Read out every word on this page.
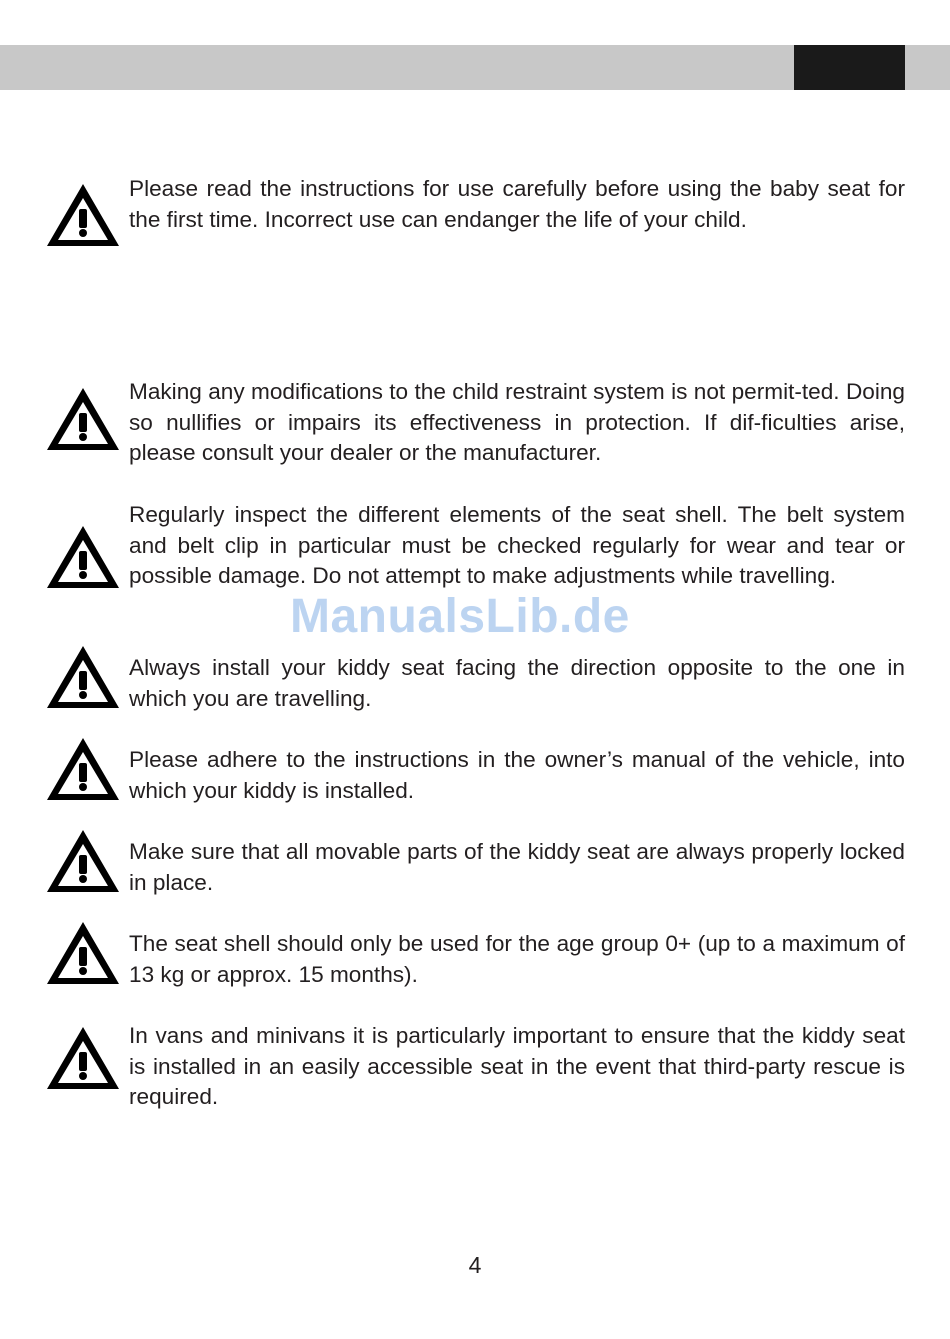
Please read the instructions for use carefully before using the baby seat for the first time. Incorrect use can endanger the life of your child.

Making any modifications to the child restraint system is not permit-ted. Doing so nullifies or impairs its effectiveness in protection. If dif-ficulties arise, please consult your dealer or the manufacturer.

Regularly inspect the different elements of the seat shell. The belt system and belt clip in particular must be checked regularly for wear and tear or possible damage. Do not attempt to make adjustments while travelling.

Always install your kiddy seat facing the direction opposite to the one in which you are travelling.

Please adhere to the instructions in the owner’s manual of the vehicle, into which your kiddy is installed.

Make sure that all movable parts of the kiddy seat are always properly locked in place.

The seat shell should only be used for the age group 0+ (up to a maximum of 13 kg or approx. 15 months).

In vans and minivans it is particularly important to ensure that the kiddy seat is installed in an easily accessible seat in the event that third-party rescue is required.

ManualsLib.de
4
